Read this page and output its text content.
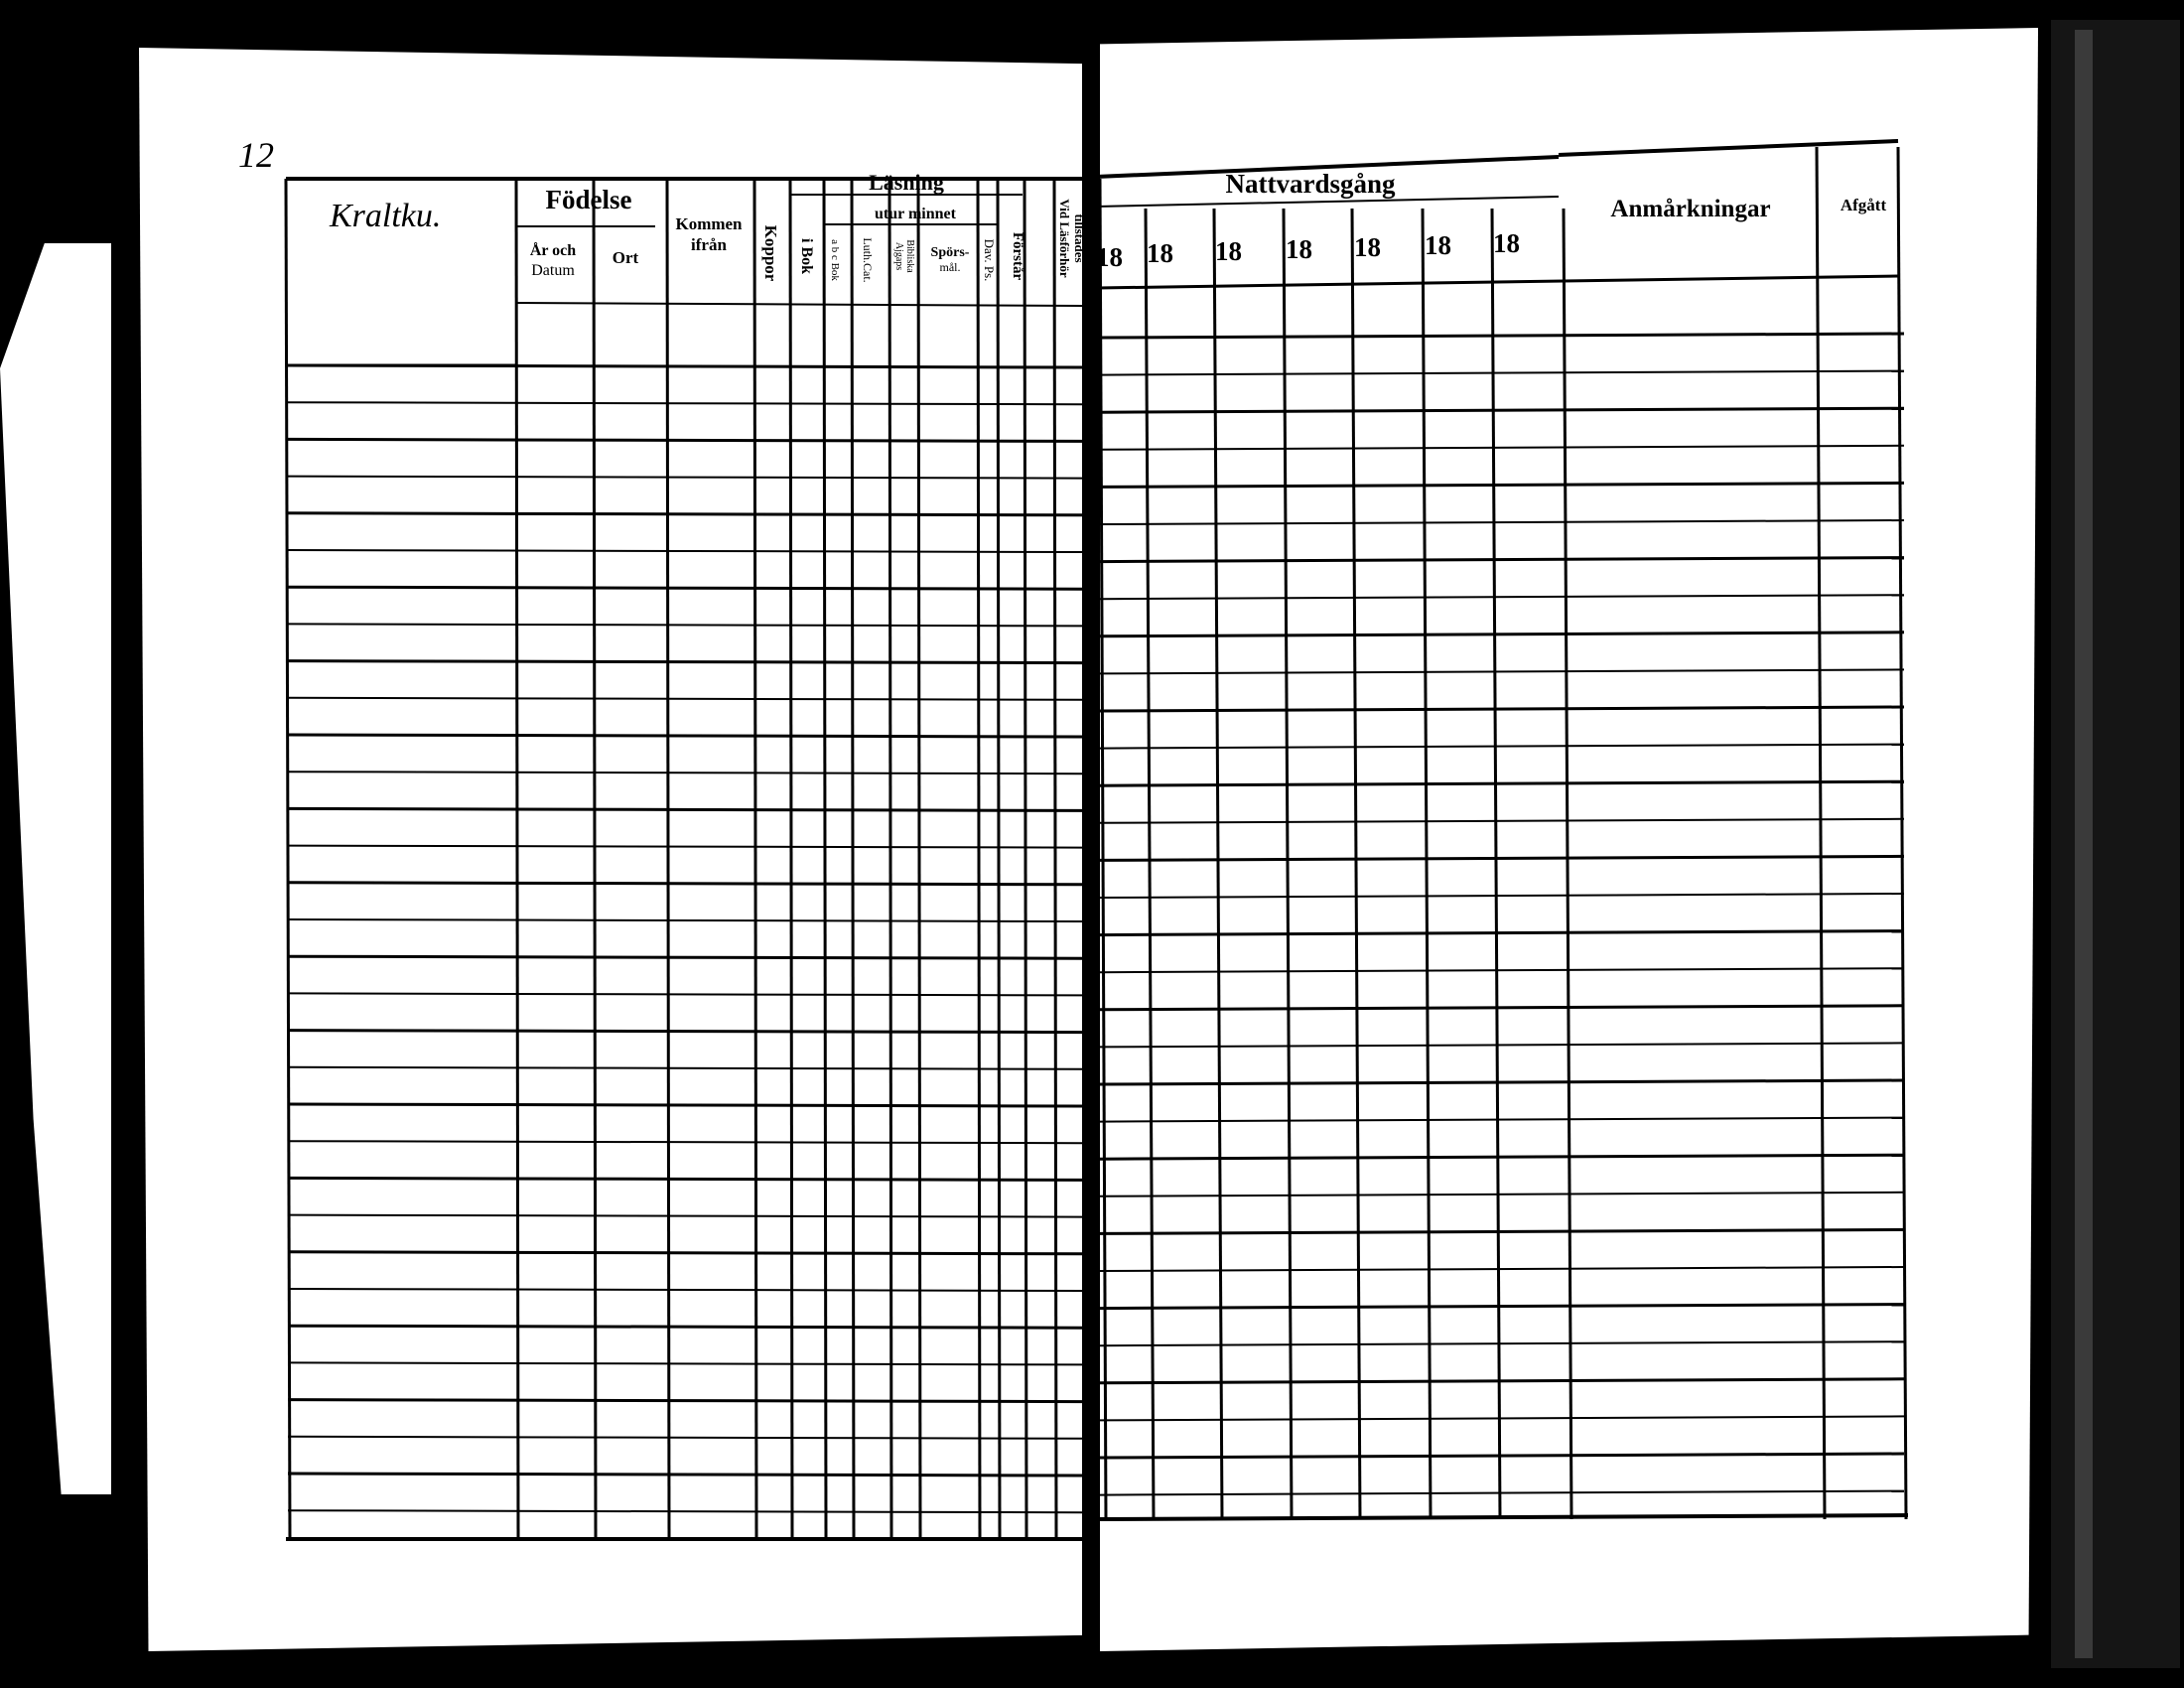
12
Kraltku.	Födelse
År och
Datum
Ort
Kommen
ifrån Koppor
Läsning
utur minnet
i Bok a b c Bok Luth.Cat. Ajgaps Bibliska Spörs-
mål. Dav. Ps. Förstår Vid Läsförhör tillstädes
Nattvardsgång
18 18 18 18 18 18 18
Anmårkningar	Afgått
